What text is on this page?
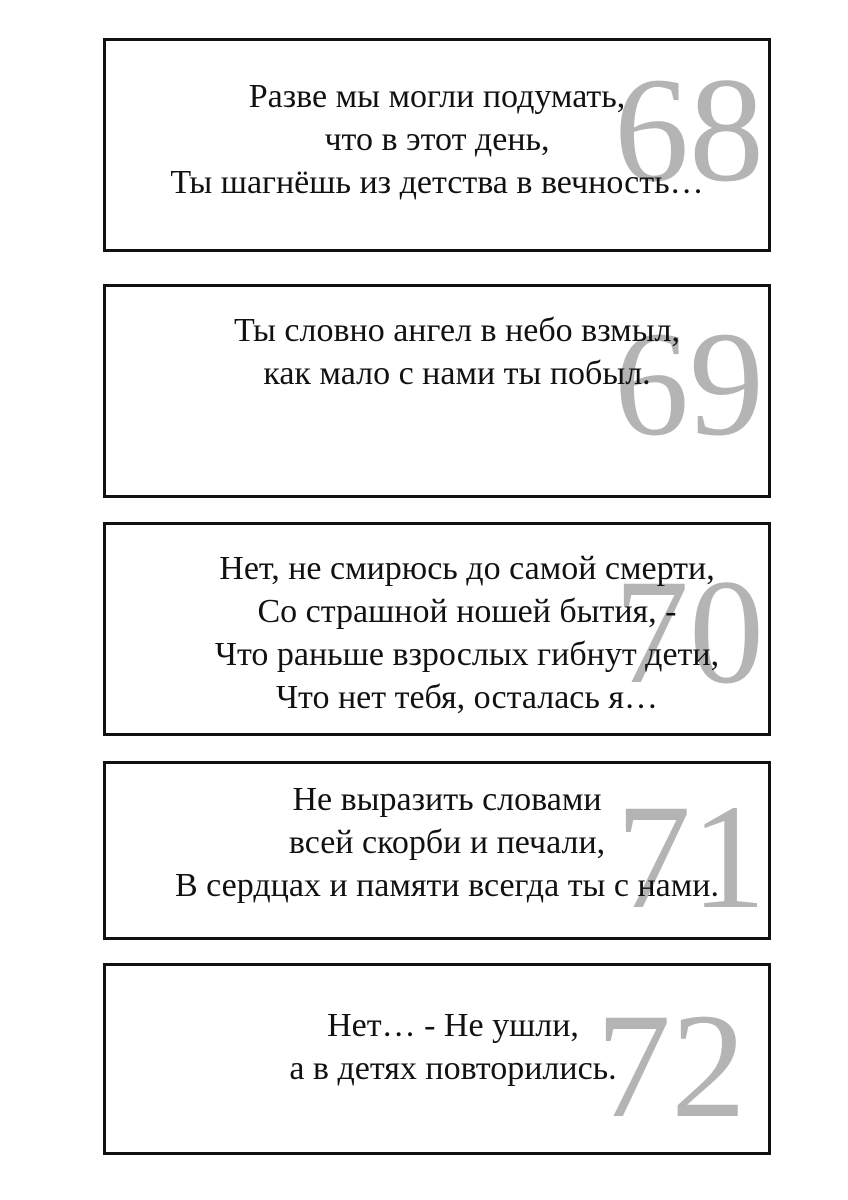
68
Разве мы могли подумать,
что в этот день,
Ты шагнёшь из детства в вечность…
69
Ты словно ангел в небо взмыл,
как мало с нами ты побыл.
70
Нет, не смирюсь до самой смерти,
Со страшной ношей бытия, -
Что раньше взрослых гибнут дети,
Что нет тебя, осталась я…
71
Не выразить словами
всей скорби и печали,
В сердцах и памяти всегда ты с нами.
72
Нет… - Не ушли,
а в детях повторились.
